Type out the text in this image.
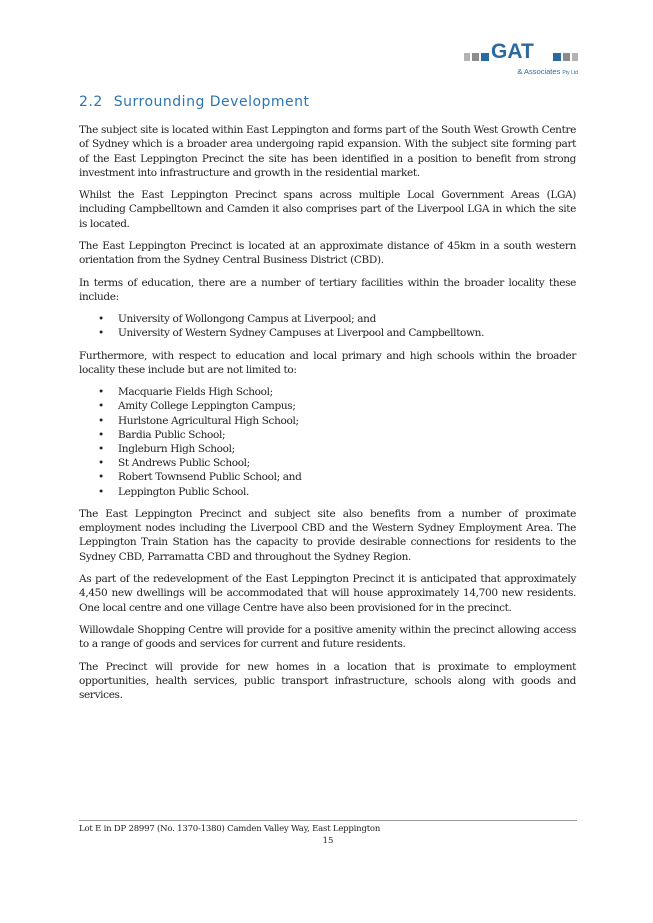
GAT
& Associates Pty Ltd
2.2 Surrounding Development

The subject site is located within East Leppington and forms part of the South West Growth Centre of Sydney which is a broader area undergoing rapid expansion. With the subject site forming part of the East Leppington Precinct the site has been identified in a position to benefit from strong investment into infrastructure and growth in the residential market.

Whilst the East Leppington Precinct spans across multiple Local Government Areas (LGA) including Campbelltown and Camden it also comprises part of the Liverpool LGA in which the site is located.

The East Leppington Precinct is located at an approximate distance of 45km in a south western orientation from the Sydney Central Business District (CBD).

In terms of education, there are a number of tertiary facilities within the broader locality these include:

• University of Wollongong Campus at Liverpool; and
• University of Western Sydney Campuses at Liverpool and Campbelltown.

Furthermore, with respect to education and local primary and high schools within the broader locality these include but are not limited to:

• Macquarie Fields High School;
• Amity College Leppington Campus;
• Hurlstone Agricultural High School;
• Bardia Public School;
• Ingleburn High School;
• St Andrews Public School;
• Robert Townsend Public School; and
• Leppington Public School.

The East Leppington Precinct and subject site also benefits from a number of proximate employment nodes including the Liverpool CBD and the Western Sydney Employment Area. The Leppington Train Station has the capacity to provide desirable connections for residents to the Sydney CBD, Parramatta CBD and throughout the Sydney Region.

As part of the redevelopment of the East Leppington Precinct it is anticipated that approximately 4,450 new dwellings will be accommodated that will house approximately 14,700 new residents. One local centre and one village Centre have also been provisioned for in the precinct.

Willowdale Shopping Centre will provide for a positive amenity within the precinct allowing access to a range of goods and services for current and future residents.

The Precinct will provide for new homes in a location that is proximate to employment opportunities, health services, public transport infrastructure, schools along with goods and services.

Lot E in DP 28997 (No. 1370-1380) Camden Valley Way, East Leppington
15
